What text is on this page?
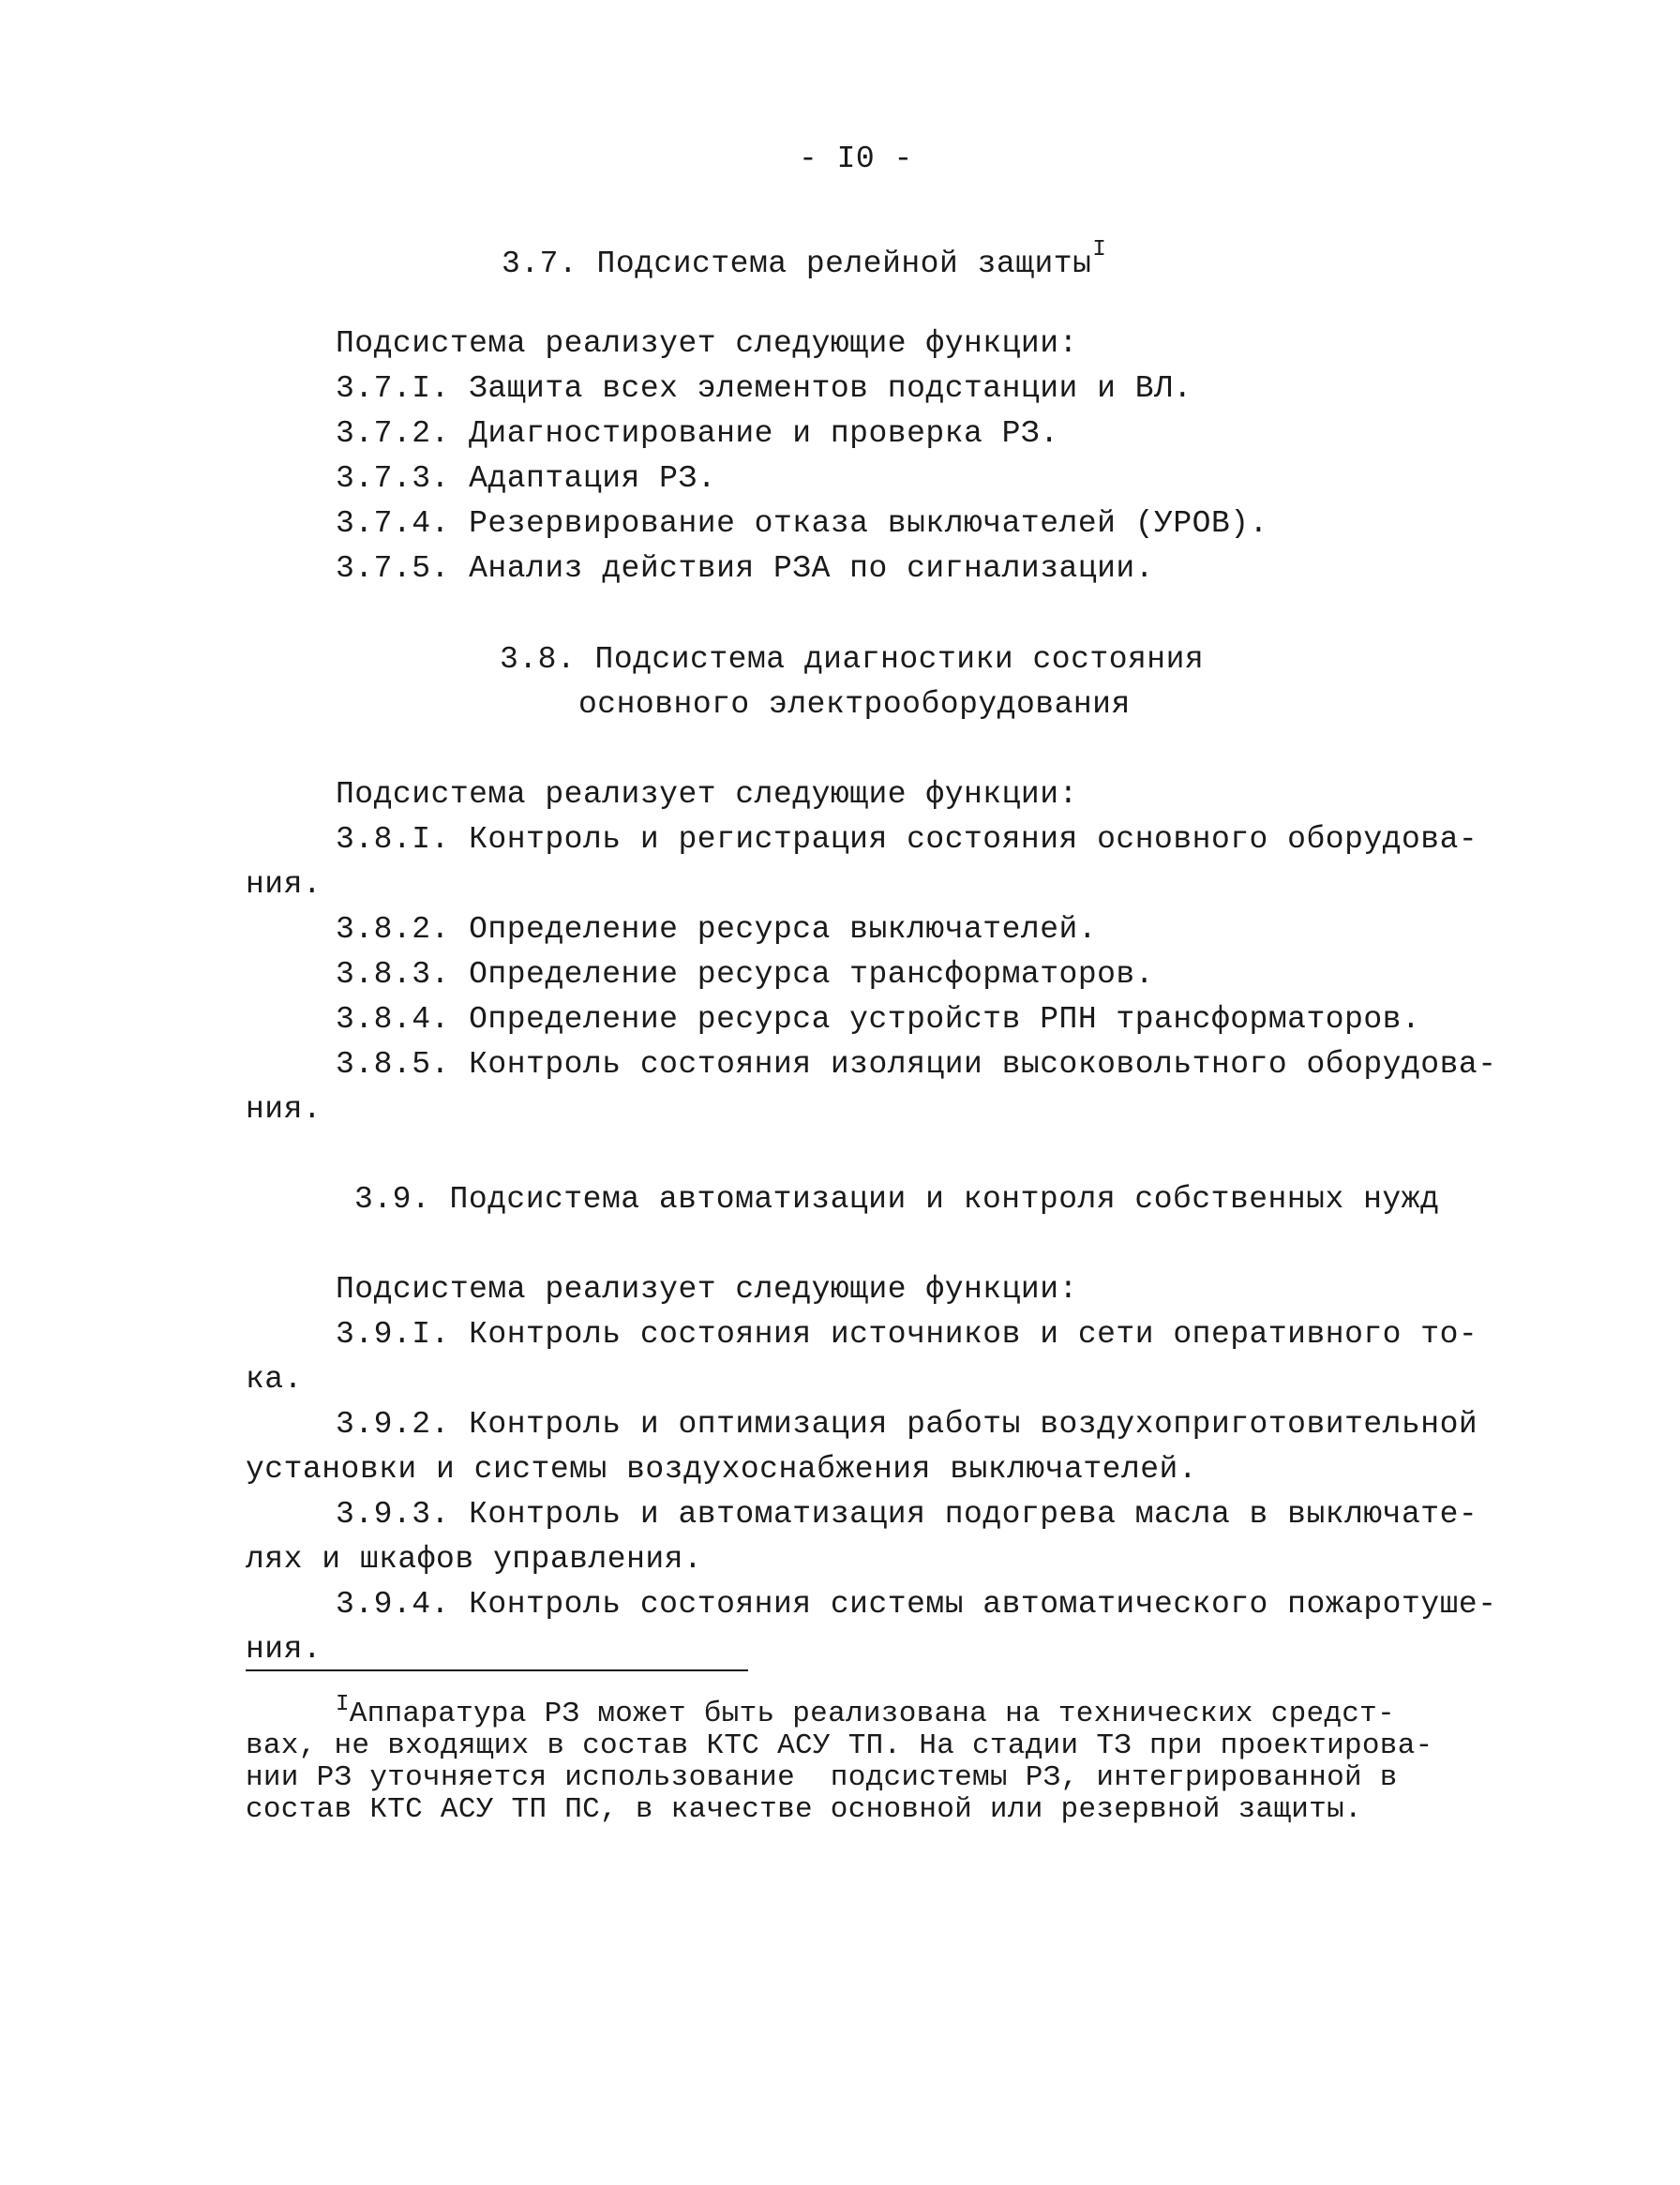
- I0 -
3.7. Подсистема релейной защиты$^I$
Подсистема реализует следующие функции:
3.7.I. Защита всех элементов подстанции и ВЛ.
3.7.2. Диагностирование и проверка РЗ.
3.7.3. Адаптация РЗ.
3.7.4. Резервирование отказа выключателей (УРОВ).
3.7.5. Анализ действия РЗА по сигнализации.
3.8. Подсистема диагностики состояния
основного электрооборудования
Подсистема реализует следующие функции:
3.8.I. Контроль и регистрация состояния основного оборудова-
ния.
3.8.2. Определение ресурса выключателей.
3.8.3. Определение ресурса трансформаторов.
3.8.4. Определение ресурса устройств РПН трансформаторов.
3.8.5. Контроль состояния изоляции высоковольтного оборудова-
ния.
3.9. Подсистема автоматизации и контроля собственных нужд
Подсистема реализует следующие функции:
3.9.I. Контроль состояния источников и сети оперативного то-
ка.
3.9.2. Контроль и оптимизация работы воздухоприготовительной
установки и системы воздухоснабжения выключателей.
3.9.3. Контроль и автоматизация подогрева масла в выключате-
лях и шкафов управления.
3.9.4. Контроль состояния системы автоматического пожаротуше-
ния.
$^I$Аппаратура РЗ может быть реализована на технических средст-
вах, не входящих в состав КТС АСУ ТП. На стадии ТЗ при проектирова-
нии РЗ уточняется использование  подсистемы РЗ, интегрированной в
состав КТС АСУ ТП ПС, в качестве основной или резервной защиты.
